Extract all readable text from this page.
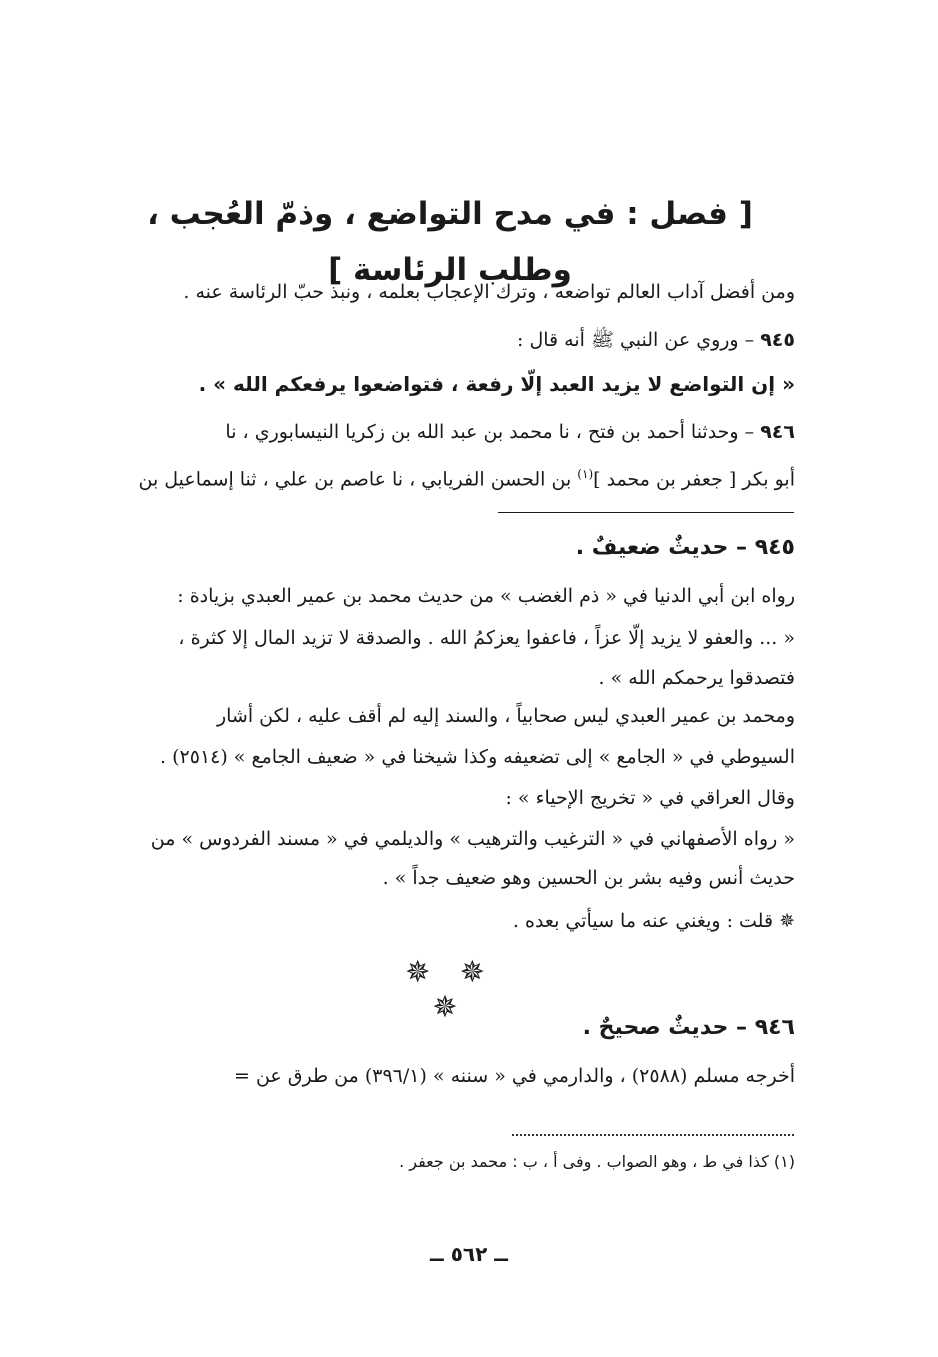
[ فصل : في مدح التواضع ، وذمّ العُجب ، وطلب الرئاسة ]
ومن أفضل آداب العالم تواضعه ، وترك الإعجاب بعلمه ، ونبذ حبّ الرئاسة عنه .
٩٤٥ – وروي عن النبي ﷺ أنه قال :
« إن التواضع لا يزيد العبد إلّا رفعة ، فتواضعوا يرفعكم الله » .
٩٤٦ – وحدثنا أحمد بن فتح ، نا محمد بن عبد الله بن زكريا النيسابوري ، نا
أبو بكر [ جعفر بن محمد ]$^{(١)}$ بن الحسن الفريابي ، نا عاصم بن علي ، ثنا إسماعيل بن
٩٤٥ – حديثٌ ضعيفٌ .
رواه ابن أبي الدنيا في « ذم الغضب » من حديث محمد بن عمير العبدي بزيادة :
« ... والعفو لا يزيد إلّا عزاً ، فاعفوا يعزكمُ الله . والصدقة لا تزيد المال إلا كثرة ،
فتصدقوا يرحمكم الله » .
ومحمد بن عمير العبدي ليس صحابياً ، والسند إليه لم أقف عليه ، لكن أشار
السيوطي في « الجامع » إلى تضعيفه وكذا شيخنا في « ضعيف الجامع » (٢٥١٤) .
وقال العراقي في « تخريج الإحياء » :
« رواه الأصفهاني في « الترغيب والترهيب » والديلمي في « مسند الفردوس » من
حديث أنس وفيه بشر بن الحسين وهو ضعيف جداً » .
✵ قلت : ويغني عنه ما سيأتي بعده .
✵ ✵ ✵
٩٤٦ – حديثٌ صحيحٌ .
أخرجه مسلم (٢٥٨٨) ، والدارمي في « سننه » (٣٩٦/١) من طرق عن =
(١) كذا في ط ، وهو الصواب . وفى أ ، ب : محمد بن جعفر .
ــ ٥٦٢ ــ
